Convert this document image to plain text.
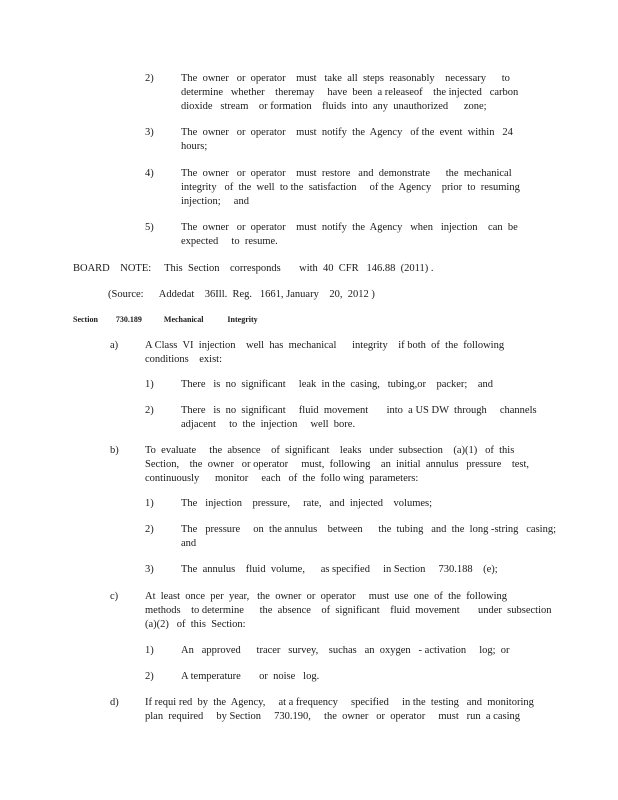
2)	The  owner   or  operator    must   take  all  steps  reasonably    necessary      to
determine   whether    theremay     have  been  a releaseof    the injected   carbon
dioxide   stream    or formation    fluids  into  any  unauthorized      zone;
3)	The  owner   or  operator    must  notify  the  Agency   of the  event  within   24
hours;
4)	The  owner   or  operator    must  restore   and  demonstrate      the  mechanical
integrity   of  the  well  to the  satisfaction     of the  Agency    prior  to  resuming
injection;     and
5)	The  owner   or  operator    must  notify  the  Agency   when   injection    can  be
expected     to  resume.
BOARD    NOTE:     This  Section    corresponds       with  40  CFR   146.88  (2011) .
(Source:      Addedat    36Ill.  Reg.   1661, January    20,  2012 )
Section         730.189           Mechanical            Integrity
a)	A Class  VI  injection    well  has  mechanical      integrity    if both  of  the  following
conditions    exist:
1)	There   is  no  significant     leak  in the  casing,   tubing,or    packer;    and
2)	There   is  no  significant     fluid  movement       into  a US DW  through     channels
adjacent     to  the  injection     well  bore.
b)	To  evaluate     the  absence    of  significant    leaks   under  subsection    (a)(1)   of  this
Section,    the  owner   or operator     must,  following    an  initial  annulus   pressure    test,
continuously      monitor     each   of  the  follo wing  parameters:
1)	The   injection    pressure,     rate,   and  injected    volumes;
2)	The   pressure     on  the annulus    between      the  tubing   and  the  long -string   casing;
and
3)	The  annulus    fluid  volume,      as specified     in Section     730.188    (e);
c)	At  least  once  per  year,   the  owner  or  operator     must  use  one  of  the  following
methods    to determine      the  absence    of  significant    fluid  movement       under  subsection
(a)(2)   of  this  Section:
1)	An   approved      tracer   survey,    suchas   an  oxygen   - activation     log;  or
2)	A temperature       or  noise   log.
d)	If requi red  by  the  Agency,     at a frequency     specified     in the  testing   and  monitoring
plan  required     by Section     730.190,     the  owner   or  operator     must   run  a casing
